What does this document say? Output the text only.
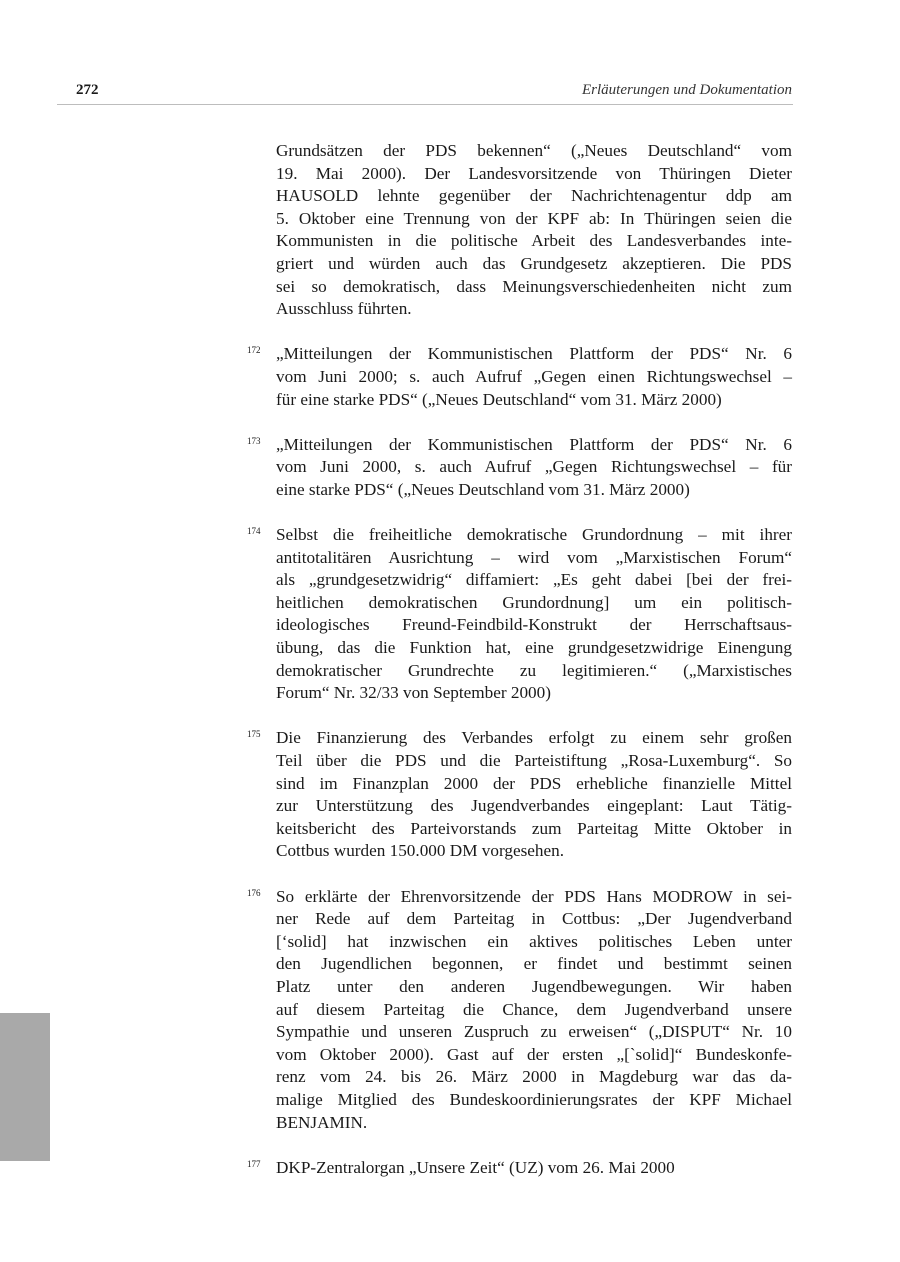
272	Erläuterungen und Dokumentation
Grundsätzen der PDS bekennen“ („Neues Deutschland“ vom
19. Mai 2000). Der Landesvorsitzende von Thüringen Dieter
HAUSOLD lehnte gegenüber der Nachrichtenagentur ddp am
5. Oktober eine Trennung von der KPF ab: In Thüringen seien die
Kommunisten in die politische Arbeit des Landesverbandes inte-
griert und würden auch das Grundgesetz akzeptieren. Die PDS
sei so demokratisch, dass Meinungsverschiedenheiten nicht zum
Ausschluss führten.
172 „Mitteilungen der Kommunistischen Plattform der PDS“ Nr. 6
vom Juni 2000; s. auch Aufruf „Gegen einen Richtungswechsel –
für eine starke PDS“ („Neues Deutschland“ vom 31. März 2000)
173 „Mitteilungen der Kommunistischen Plattform der PDS“ Nr. 6
vom Juni 2000, s. auch Aufruf „Gegen Richtungswechsel – für
eine starke PDS“ („Neues Deutschland vom 31. März 2000)
174 Selbst die freiheitliche demokratische Grundordnung – mit ihrer
antitotalitären Ausrichtung – wird vom „Marxistischen Forum“
als „grundgesetzwidrig“ diffamiert: „Es geht dabei [bei der frei-
heitlichen demokratischen Grundordnung] um ein politisch-
ideologisches Freund-Feindbild-Konstrukt der Herrschaftsaus-
übung, das die Funktion hat, eine grundgesetzwidrige Einengung
demokratischer Grundrechte zu legitimieren.“ („Marxistisches
Forum“ Nr. 32/33 von September 2000)
175 Die Finanzierung des Verbandes erfolgt zu einem sehr großen
Teil über die PDS und die Parteistiftung „Rosa-Luxemburg“. So
sind im Finanzplan 2000 der PDS erhebliche finanzielle Mittel
zur Unterstützung des Jugendverbandes eingeplant: Laut Tätig-
keitsbericht des Parteivorstands zum Parteitag Mitte Oktober in
Cottbus wurden 150.000 DM vorgesehen.
176 So erklärte der Ehrenvorsitzende der PDS Hans MODROW in sei-
ner Rede auf dem Parteitag in Cottbus: „Der Jugendverband
[‘solid] hat inzwischen ein aktives politisches Leben unter
den Jugendlichen begonnen, er findet und bestimmt seinen
Platz unter den anderen Jugendbewegungen. Wir haben
auf diesem Parteitag die Chance, dem Jugendverband unsere
Sympathie und unseren Zuspruch zu erweisen“ („DISPUT“ Nr. 10
vom Oktober 2000). Gast auf der ersten „[`solid]“ Bundeskonfe-
renz vom 24. bis 26. März 2000 in Magdeburg war das da-
malige Mitglied des Bundeskoordinierungsrates der KPF Michael
BENJAMIN.
177 DKP-Zentralorgan „Unsere Zeit“ (UZ) vom 26. Mai 2000
